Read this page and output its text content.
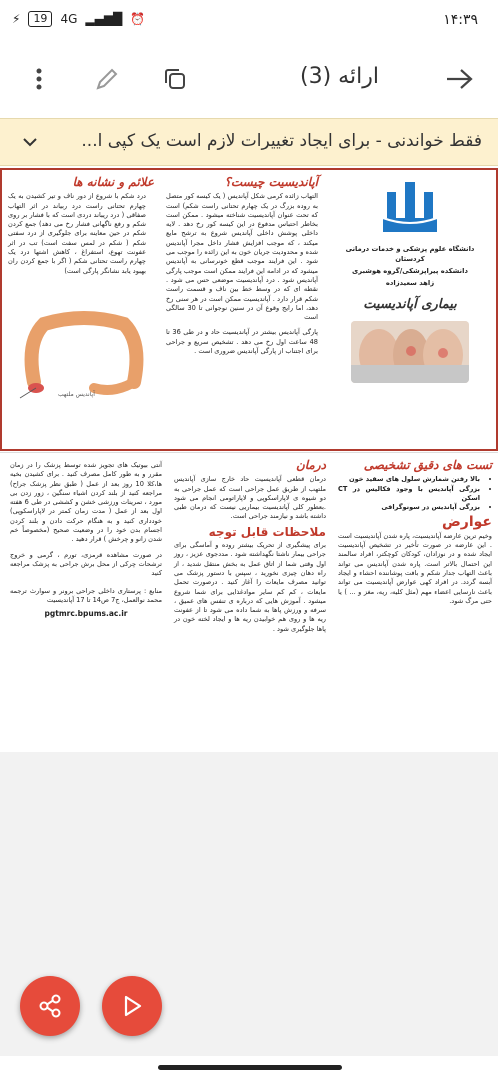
⚡	19	4G ▂▄▆█ ⏰	۱۴:۳۹
ارائه (3)
فقط خواندنی - برای ایجاد تغییرات لازم است یک کپی ا...
دانشگاه علوم پزشکی و خدمات درمانی کردستان
دانشکده پیراپزشکی/گروه هوشبری
زاهد سعیدزاده
بیماری آپاندیسیت
آپاندیسیت چیست؟
التهاب زائده کرمی شکل آپاندیس ( یک کیسه کور متصل به روده بزرگ در یک چهارم تحتانی راست شکم) است که تحت عنوان آپاندیسیت شناخته میشود . ممکن است بخاطر احتباس مدفوع در این کیسه کور رخ دهد . لایه داخلی پوشش داخلی آپاندیس شروع به ترشح مایع میکند ، که موجب افزایش فشار داخل مجرا آپاندیس شده و محدودیت جریان خون به این زائده را موجب می شود . این فرایند موجب قطع خونرسانی به آپاندیس میشود که در ادامه این فرایند ممکن است موجب پارگی آپاندیس شود . درد آپاندیسیت موضعی حس می شود . نقطه ای که در وسط خط بین ناف و قسمت راست شکم قرار دارد . آپاندیسیت ممکن است در هر سنی رخ دهد، اما رایج وقوع آن در سنین نوجوانی تا 30 سالگی است
پارگی آپاندیس بیشتر در آپاندیسیت حاد و در طی 36 تا 48 ساعت اول رخ می دهد . تشخیص سریع و جراحی برای اجتناب از پارگی آپاندیس ضروری است .
علائم و نشانه ها
درد شکم با شروع از دور ناف و تیر کشیدن به یک چهارم تحتانی راست درد ربیاند در اثر التهاب صفاقی ( درد ریباند دردی است که با فشار بر روی شکم و رفع ناگهانی فشار رخ می دهد) جمع کردن شکم در حین معاینه برای جلوگیری از درد سفتی شکم ( شکم در لمس سفت است) تب در اثر عفونت تهوع، استفراغ ، کاهش اشتها درد یک چهارم راست تحتانی شکم ( اگر با جمع کردن ران بهبود یابد نشانگر پارگی است)
آپاندیس ملتهب
تست های دقیق تشخیصی
• بالا رفتن شمارش سلول های سفید خون
• بزرگی آپاندیس با وجود فکالیس در CT اسکن
• بزرگی آپاندیس در سونوگرافی
عوارض
وخیم ترین عارضه آپاندیسیت، پاره شدن آپاندیسیت است . این عارضه در صورت تأخیر در تشخیص آپاندیسیت ایجاد شده و در نوزادان، کودکان کوچکتر، افراد سالمند این احتمال بالاتر است. پاره شدن آپاندیس می تواند باعث التهاب جدار شکم و بافت پوشاننده احشاء و ایجاد آبسه گردد. در افراد کهی عوارض آپاندیسیت می تواند باعث نارسایی اعضاء مهم (مثل کلیه، ریه، مغز و ... ) یا حتی مرگ شود.
درمان
درمان قطعی آپاندیسیت حاد خارج سازی آپاندیس ملتهب از طریق عمل جراحی است که عمل جراحی به دو شیوه ی لاپاراسکوپی و لاپاراتومی انجام می شود .بعطور کلی آپاندیسیت بیماریی نیست که درمان طبی داشته باشد و نیازمند جراحی است.
ملاحظات قابل توجه
برای پیشگیری از تحریک بیشتر روده و آماسگی برای جراحی بیمار ناشتا نگهداشته شود . مددجوی عزیز ، روز اول وقتی شما از اتاق عمل به بخش منتقل شدید ، از راه دهان چیزی نخورید ، سپس با دستور پزشک می توانید مصرف مایعات را آغاز کنید . درصورت تحمل مایعات ، کم کم سایر موادغذایی برای شما شروع میشود . آموزش هایی که درباره ی تنفس های عمیق ، سرفه و ورزش پاها به شما داده می شود تا از عفونت ریه ها و روی هم خوابیدن ریه ها و ایجاد لخته خون در پاها جلوگیری شود .
آنتی بیوتیک های تجویز شده توسط پزشک را در زمان مقرر و به طور کامل مصرف کنید . برای کشیدن بخیه ها،کلا 10 روز بعد از عمل ( طبق نظر پزشک جراح) مراجعه کنید از بلند کردن اشیاء سنگین ، زور زدن بی مورد ، تمرینات ورزشی خشن و کششی در طی 6 هفته اول بعد از عمل ( مدت زمان کمتر در لاپاراسکوپی) خودداری کنید و به هنگام حرکت دادن و بلند کردن اجسام بدن خود را در وضعیت صحیح (مخصوصاً خم شدن زانو و چرخش ) قرار دهید .
در صورت مشاهده قرمزی، تورم ، گرمی و خروج ترشحات چرکی از محل برش جراحی به پزشک مراجعه کنید
منابع : پرستاری داخلی جراحی برونر و سوارث ترجمه محمد نوالعمل، ج7 ص14 تا 17 آپاندیسیت
pgtmrc.bpums.ac.ir
